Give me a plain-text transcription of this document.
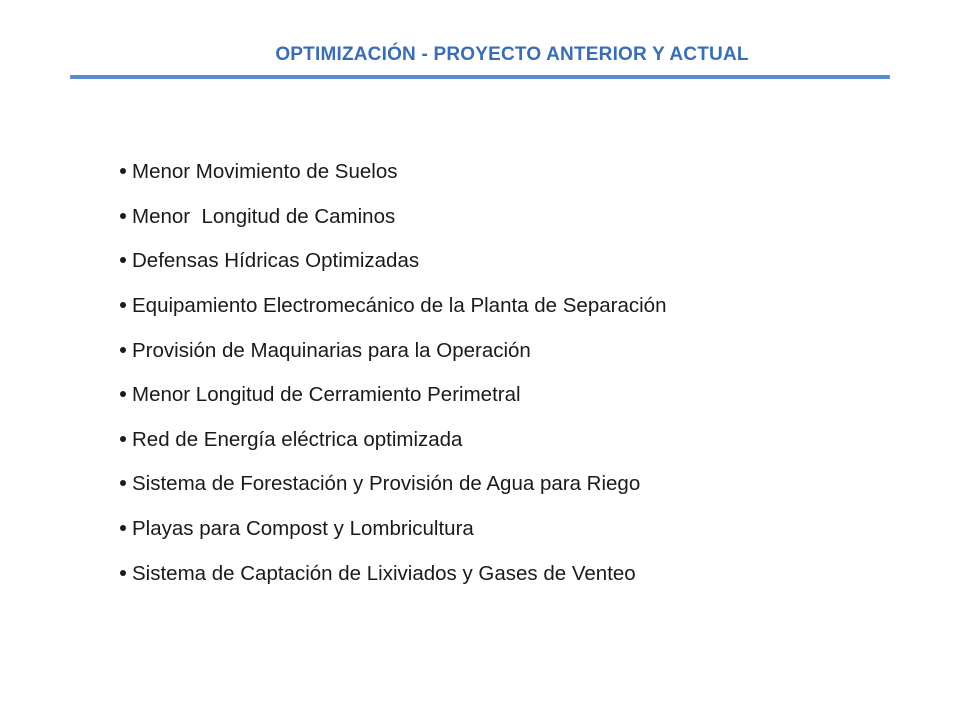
OPTIMIZACIÓN - PROYECTO ANTERIOR Y ACTUAL
Menor Movimiento de Suelos
Menor  Longitud de Caminos
Defensas Hídricas Optimizadas
Equipamiento Electromecánico de la Planta de Separación
Provisión de Maquinarias para la Operación
Menor Longitud de Cerramiento Perimetral
Red de Energía eléctrica optimizada
Sistema de Forestación y Provisión de Agua para Riego
Playas para Compost y Lombricultura
Sistema de Captación de Lixiviados y Gases de Venteo
